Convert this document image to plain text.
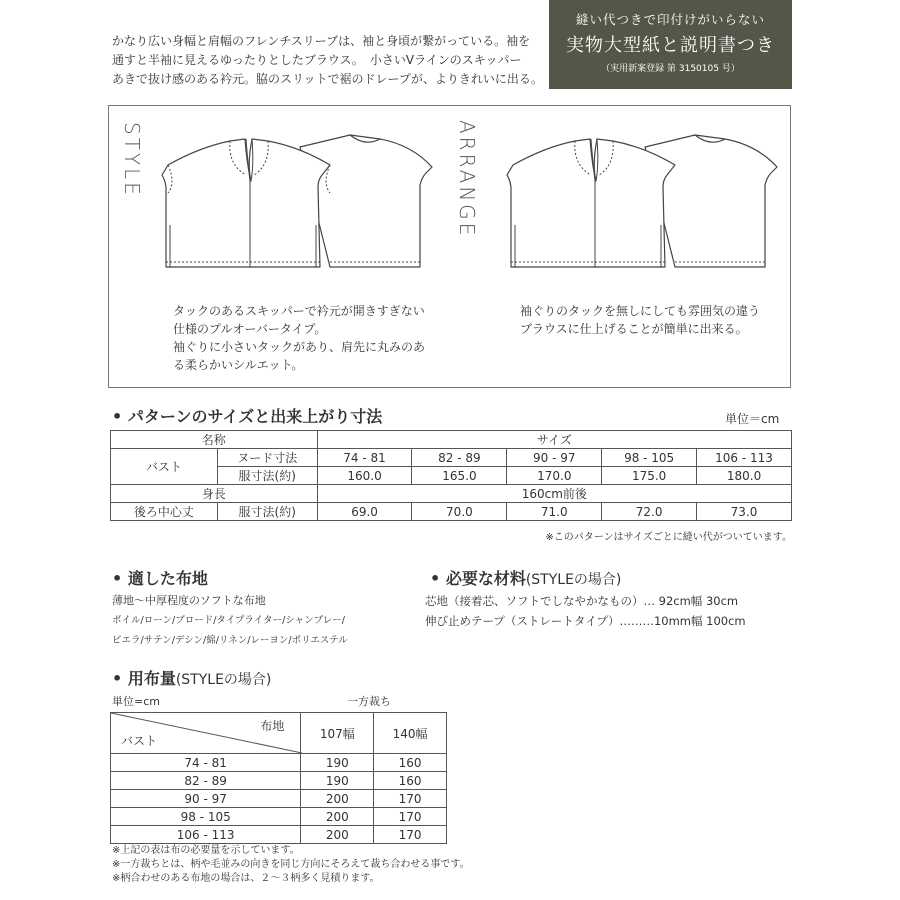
かなり広い身幅と肩幅のフレンチスリーブは、袖と身頃が繋がっている。袖を
通すと半袖に見えるゆったりとしたブラウス。　小さいVラインのスキッパー
あきで抜け感のある衿元。脇のスリットで裾のドレープが、よりきれいに出る。
縫い代つきで印付けがいらない
実物大型紙と説明書つき
（実用新案登録 第 3150105 号）
STYLE	ARRANGE
タックのあるスキッパーで衿元が開きすぎない
仕様のプルオーバータイプ。
袖ぐりに小さいタックがあり、肩先に丸みのあ
る柔らかいシルエット。
袖ぐりのタックを無しにしても雰囲気の違う
ブラウスに仕上げることが簡単に出来る。
• パターンのサイズと出来上がり寸法	単位＝cm
名称		サイズ				
バスト	ヌード寸法	74 - 81	82 - 89	90 - 97	98 - 105	106 - 113
	服寸法(約)	160.0	165.0	170.0	175.0	180.0
身長		160cm前後				
後ろ中心丈	服寸法(約)	69.0	70.0	71.0	72.0	73.0
※このパターンはサイズごとに縫い代がついています。
• 適した布地
薄地～中厚程度のソフトな布地
ボイル/ローン/ブロード/タイプライター/シャンブレー/
ビエラ/サテン/デシン/綿/リネン/レーヨン/ポリエステル
• 必要な材料(STYLEの場合)
芯地（接着芯、ソフトでしなやかなもの）… 92cm幅 30cm
伸び止めテープ（ストレートタイプ）………10mm幅 100cm
• 用布量(STYLEの場合)
単位=cm	一方裁ち
布地
バスト	107幅	140幅
74 - 81	190	160
82 - 89	190	160
90 - 97	200	170
98 - 105	200	170
106 - 113	200	170
※上記の表は布の必要量を示しています。
※一方裁ちとは、柄や毛並みの向きを同じ方向にそろえて裁ち合わせる事です。
※柄合わせのある布地の場合は、２～３柄多く見積ります。
